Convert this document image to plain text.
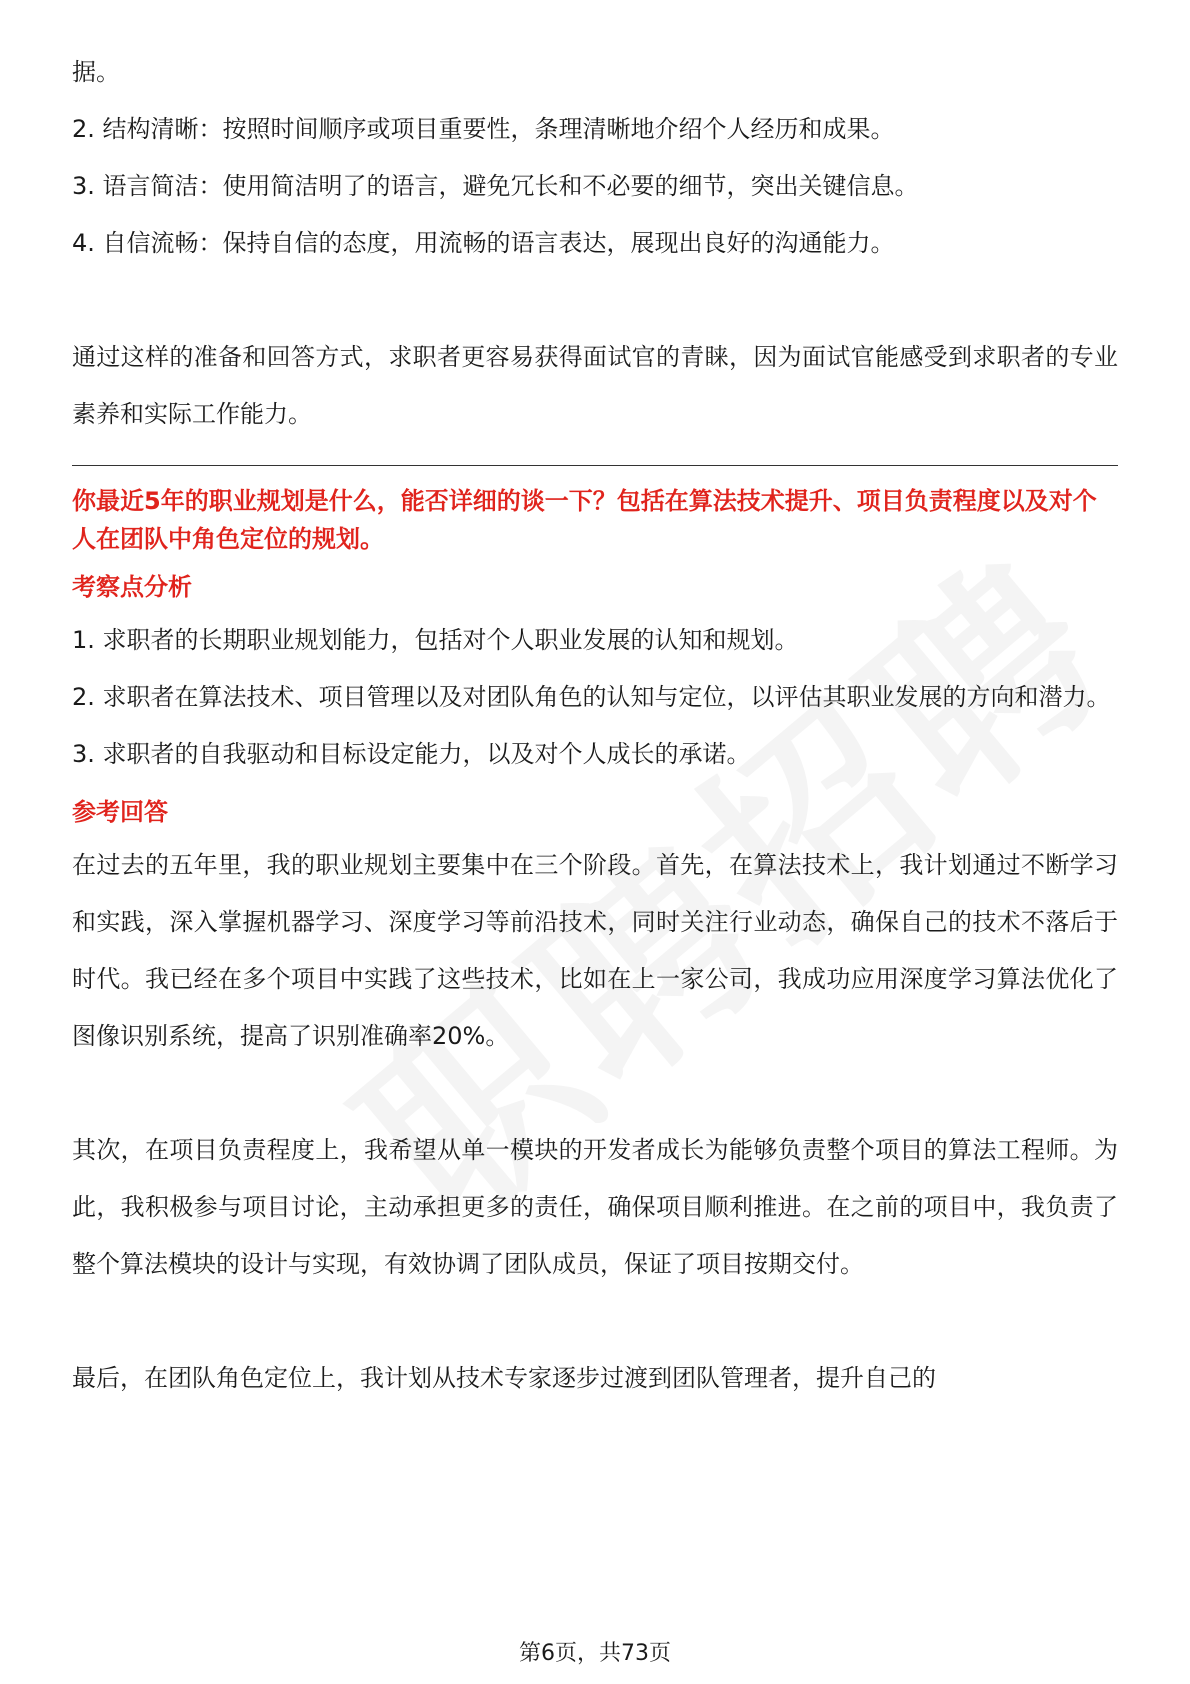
据。

2. 结构清晰：按照时间顺序或项目重要性，条理清晰地介绍个人经历和成果。

3. 语言简洁：使用简洁明了的语言，避免冗长和不必要的细节，突出关键信息。

4. 自信流畅：保持自信的态度，用流畅的语言表达，展现出良好的沟通能力。

通过这样的准备和回答方式，求职者更容易获得面试官的青睐，因为面试官能感受到求职者的专业素养和实际工作能力。

你最近5年的职业规划是什么，能否详细的谈一下？包括在算法技术提升、项目负责程度以及对个人在团队中角色定位的规划。

考察点分析

1. 求职者的长期职业规划能力，包括对个人职业发展的认知和规划。

2. 求职者在算法技术、项目管理以及对团队角色的认知与定位，以评估其职业发展的方向和潜力。

3. 求职者的自我驱动和目标设定能力，以及对个人成长的承诺。

参考回答

在过去的五年里，我的职业规划主要集中在三个阶段。首先，在算法技术上，我计划通过不断学习和实践，深入掌握机器学习、深度学习等前沿技术，同时关注行业动态，确保自己的技术不落后于时代。我已经在多个项目中实践了这些技术，比如在上一家公司，我成功应用深度学习算法优化了图像识别系统，提高了识别准确率20%。

其次，在项目负责程度上，我希望从单一模块的开发者成长为能够负责整个项目的算法工程师。为此，我积极参与项目讨论，主动承担更多的责任，确保项目顺利推进。在之前的项目中，我负责了整个算法模块的设计与实现，有效协调了团队成员，保证了项目按期交付。

最后，在团队角色定位上，我计划从技术专家逐步过渡到团队管理者，提升自己的

第6页，共73页
